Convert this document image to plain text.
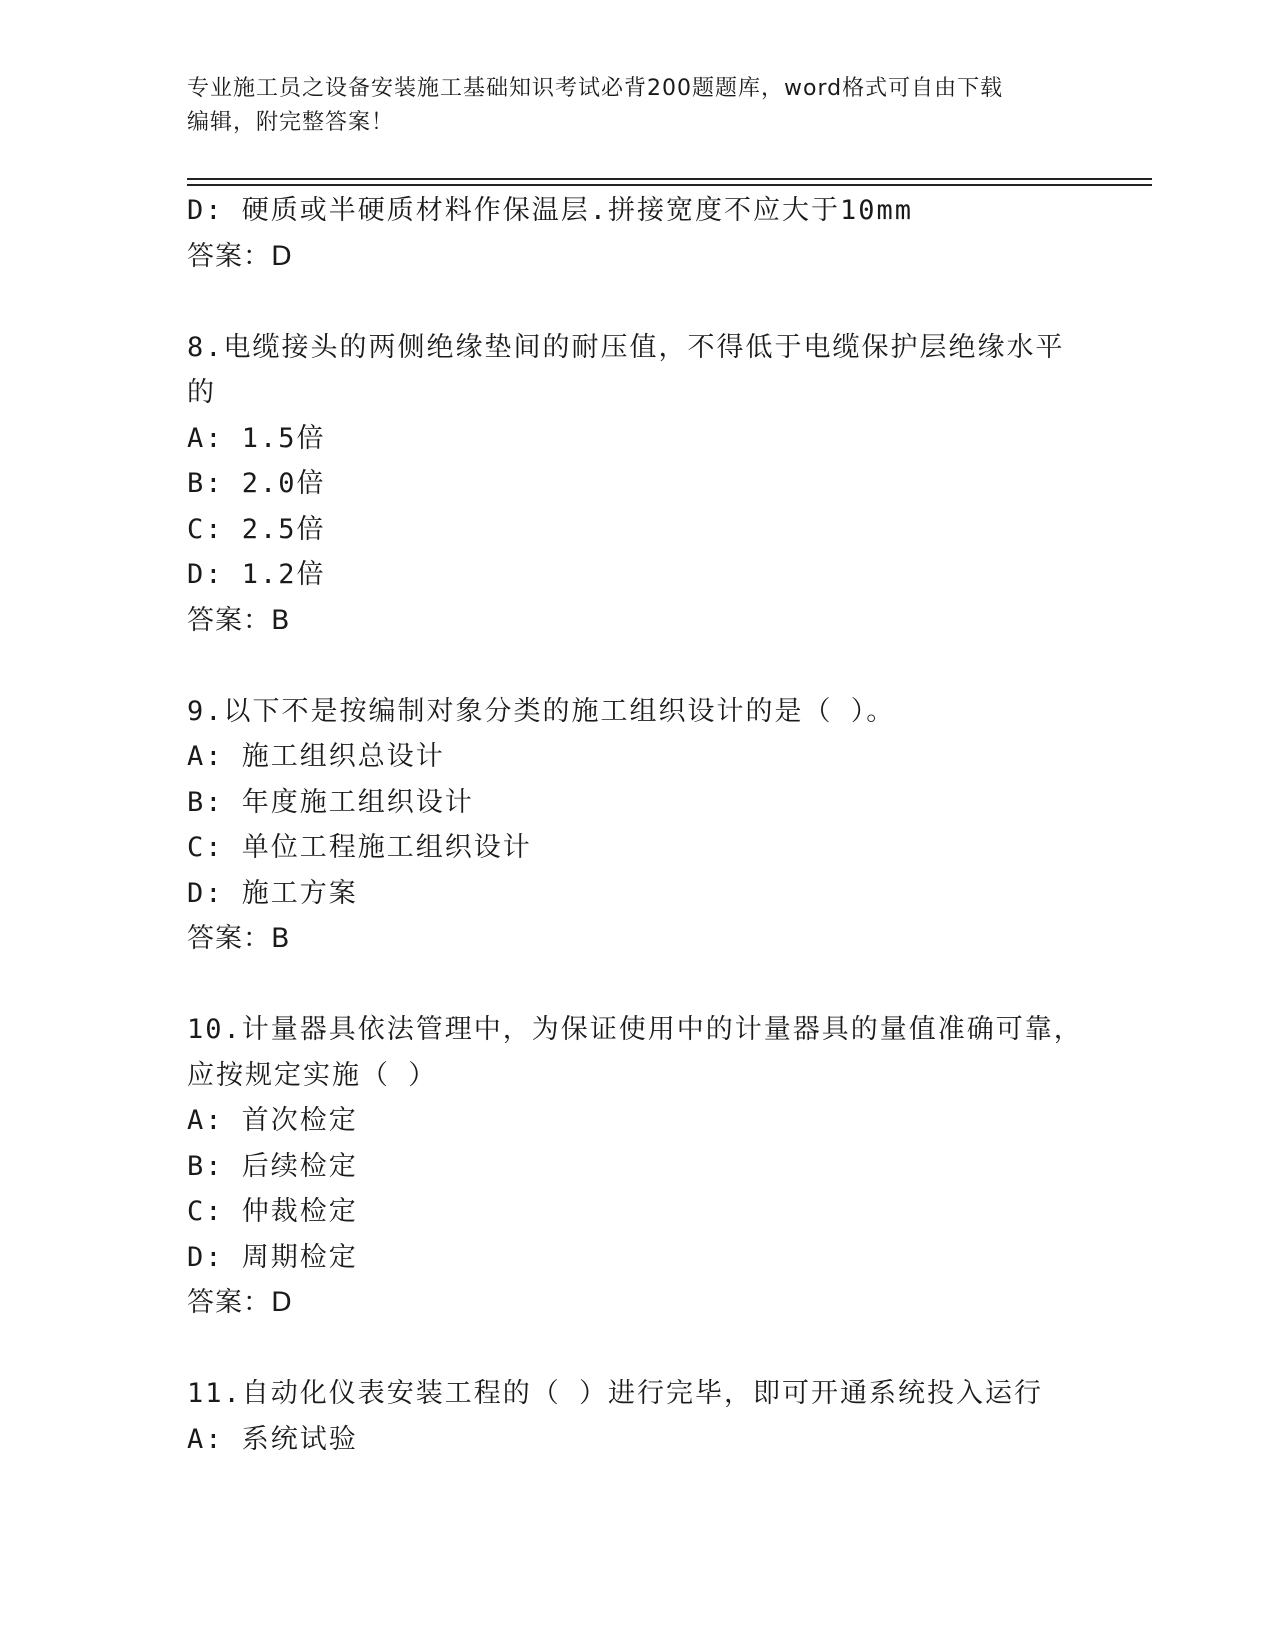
专业施工员之设备安装施工基础知识考试必背200题题库，word格式可自由下载
编辑，附完整答案！
D: 硬质或半硬质材料作保温层.拼接宽度不应大于10mm
答案：D
8.电缆接头的两侧绝缘垫间的耐压值，不得低于电缆保护层绝缘水平
的
A: 1.5倍
B: 2.0倍
C: 2.5倍
D: 1.2倍
答案：B
9.以下不是按编制对象分类的施工组织设计的是（ ）。
A: 施工组织总设计
B: 年度施工组织设计
C: 单位工程施工组织设计
D: 施工方案
答案：B
10.计量器具依法管理中，为保证使用中的计量器具的量值准确可靠，
应按规定实施（ ）
A: 首次检定
B: 后续检定
C: 仲裁检定
D: 周期检定
答案：D
11.自动化仪表安装工程的（ ）进行完毕，即可开通系统投入运行
A: 系统试验
